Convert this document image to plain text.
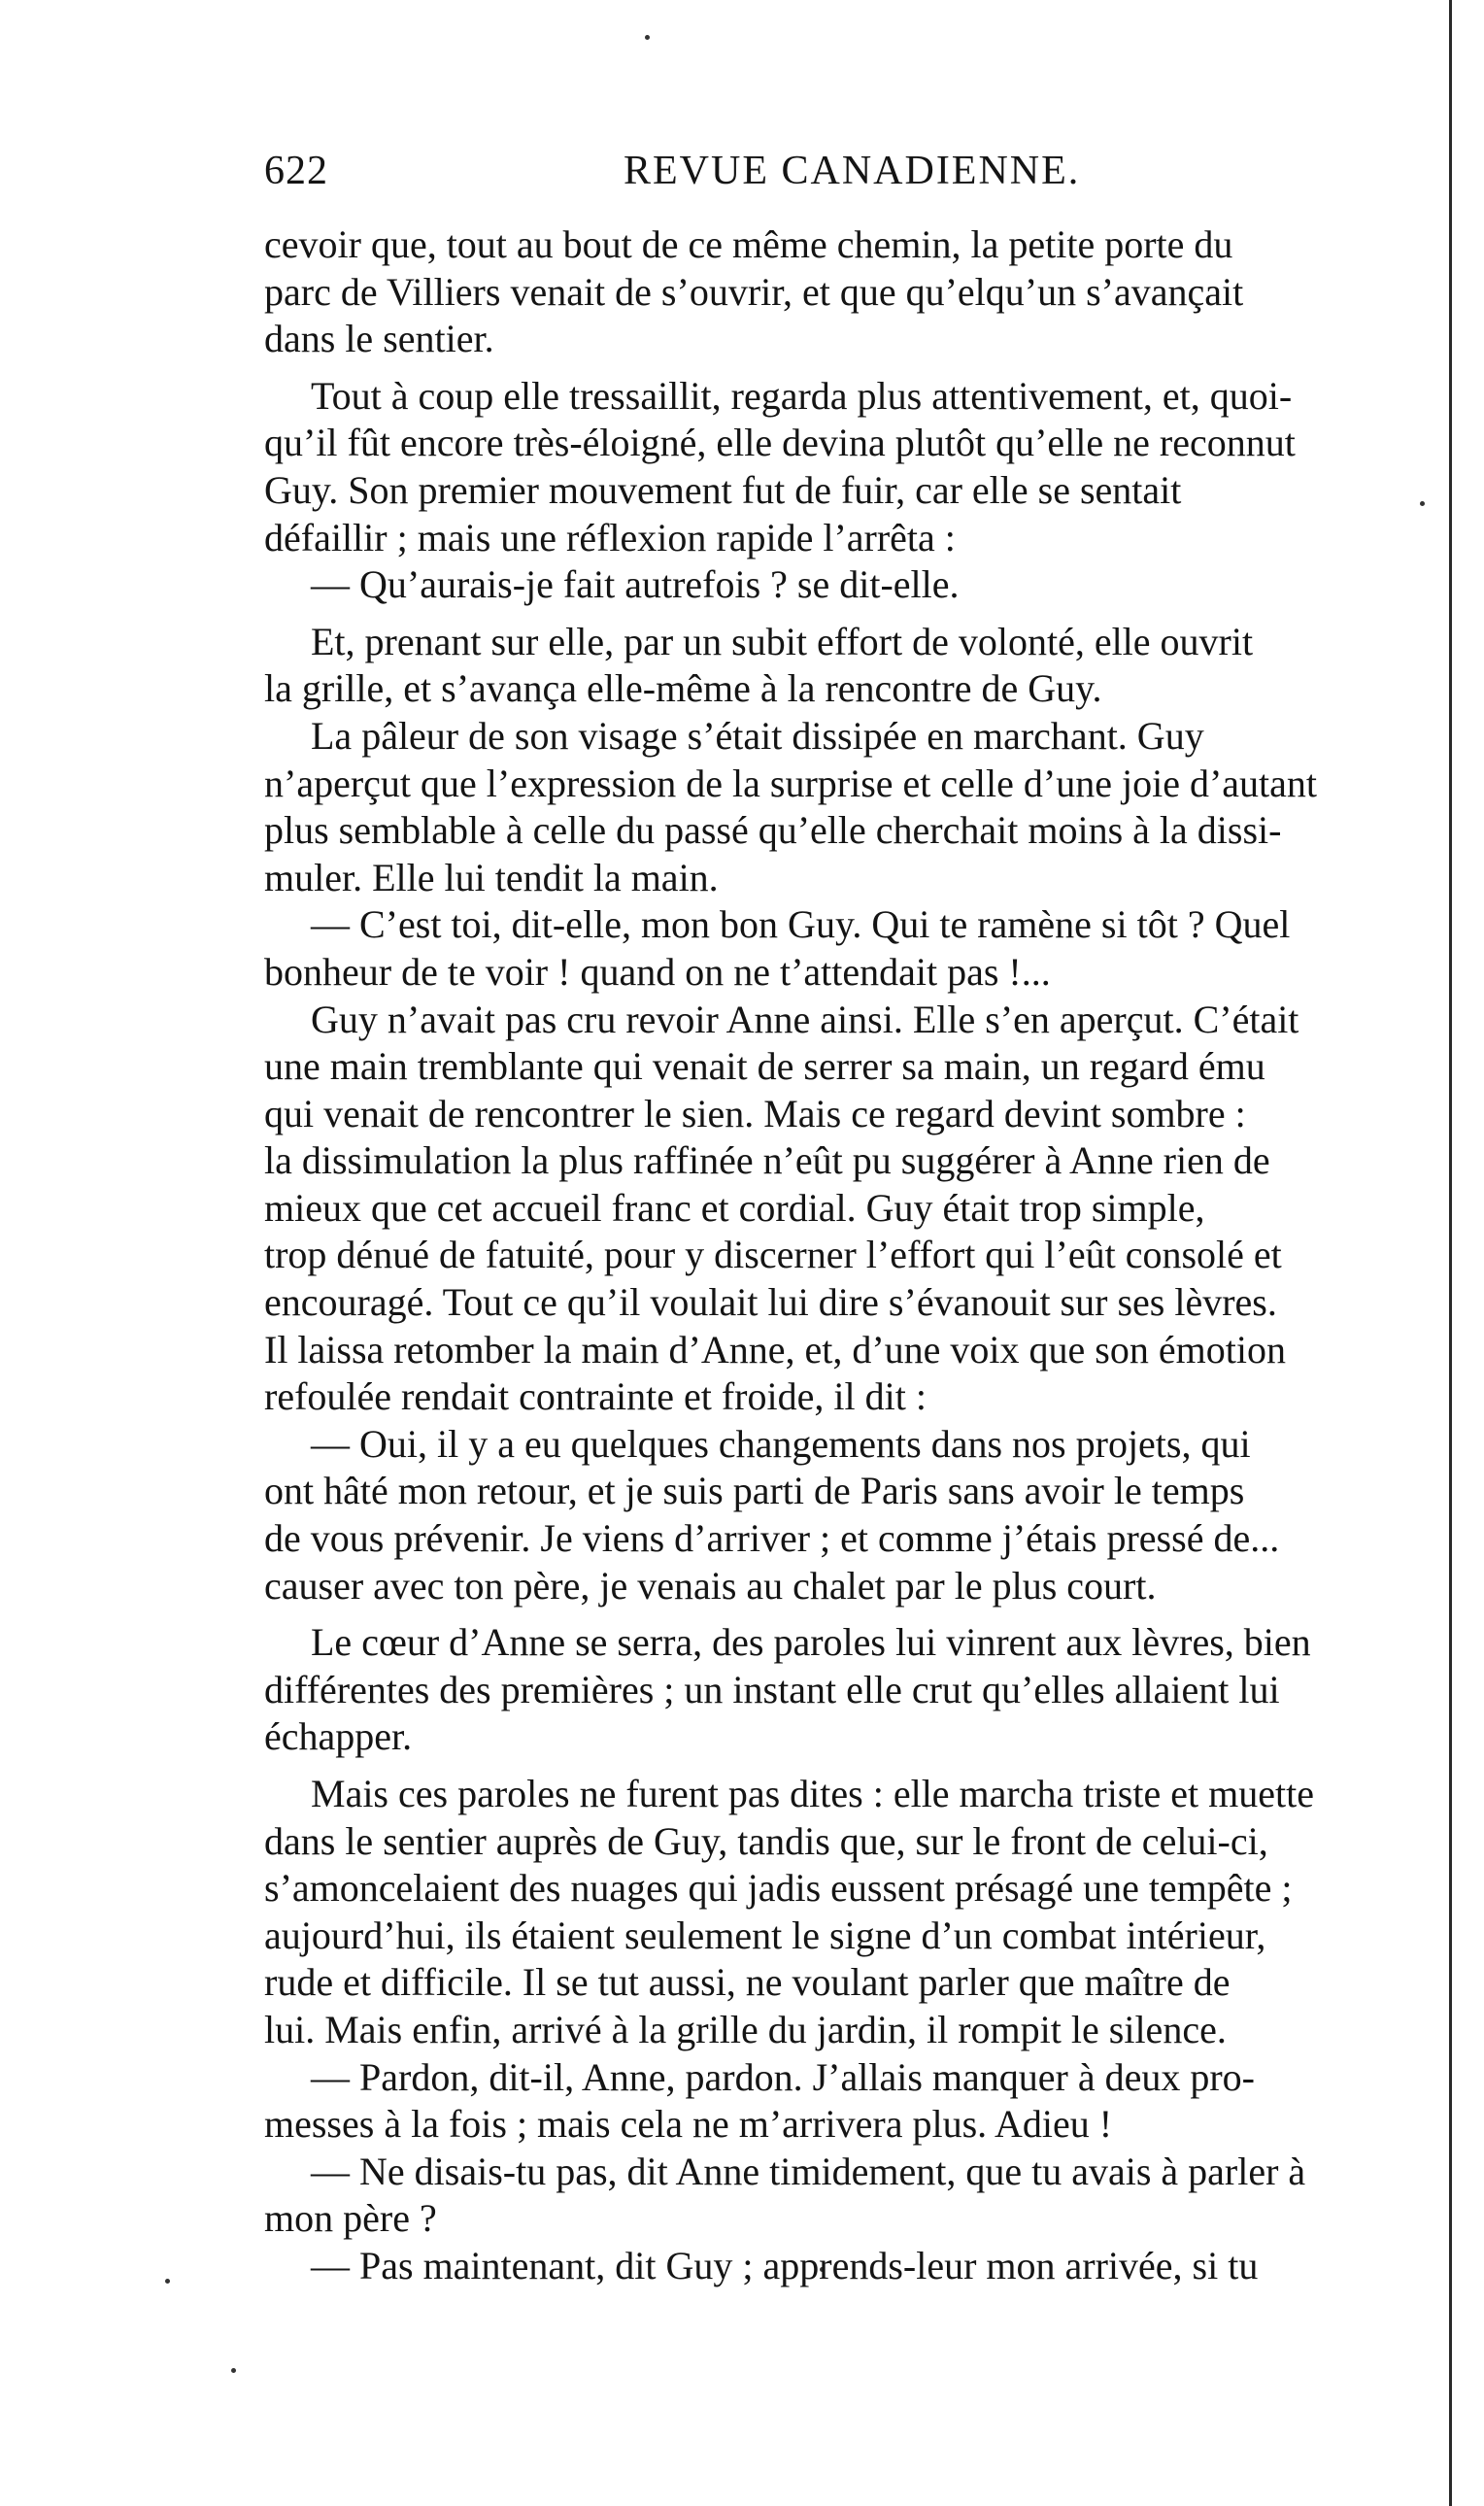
622	REVUE CANADIENNE.
cevoir que, tout au bout de ce même chemin, la petite porte du
parc de Villiers venait de s’ouvrir, et que qu’elqu’un s’avançait
dans le sentier.
Tout à coup elle tressaillit, regarda plus attentivement, et, quoi-
qu’il fût encore très-éloigné, elle devina plutôt qu’elle ne reconnut
Guy. Son premier mouvement fut de fuir, car elle se sentait
défaillir ; mais une réflexion rapide l’arrêta :
— Qu’aurais-je fait autrefois ? se dit-elle.
Et, prenant sur elle, par un subit effort de volonté, elle ouvrit
la grille, et s’avança elle-même à la rencontre de Guy.
La pâleur de son visage s’était dissipée en marchant. Guy
n’aperçut que l’expression de la surprise et celle d’une joie d’autant
plus semblable à celle du passé qu’elle cherchait moins à la dissi-
muler. Elle lui tendit la main.
— C’est toi, dit-elle, mon bon Guy. Qui te ramène si tôt ? Quel
bonheur de te voir ! quand on ne t’attendait pas !...
Guy n’avait pas cru revoir Anne ainsi. Elle s’en aperçut. C’était
une main tremblante qui venait de serrer sa main, un regard ému
qui venait de rencontrer le sien. Mais ce regard devint sombre :
la dissimulation la plus raffinée n’eût pu suggérer à Anne rien de
mieux que cet accueil franc et cordial. Guy était trop simple,
trop dénué de fatuité, pour y discerner l’effort qui l’eût consolé et
encouragé. Tout ce qu’il voulait lui dire s’évanouit sur ses lèvres.
Il laissa retomber la main d’Anne, et, d’une voix que son émotion
refoulée rendait contrainte et froide, il dit :
— Oui, il y a eu quelques changements dans nos projets, qui
ont hâté mon retour, et je suis parti de Paris sans avoir le temps
de vous prévenir. Je viens d’arriver ; et comme j’étais pressé de...
causer avec ton père, je venais au chalet par le plus court.
Le cœur d’Anne se serra, des paroles lui vinrent aux lèvres, bien
différentes des premières ; un instant elle crut qu’elles allaient lui
échapper.
Mais ces paroles ne furent pas dites : elle marcha triste et muette
dans le sentier auprès de Guy, tandis que, sur le front de celui-ci,
s’amoncelaient des nuages qui jadis eussent présagé une tempête ;
aujourd’hui, ils étaient seulement le signe d’un combat intérieur,
rude et difficile. Il se tut aussi, ne voulant parler que maître de
lui. Mais enfin, arrivé à la grille du jardin, il rompit le silence.
— Pardon, dit-il, Anne, pardon. J’allais manquer à deux pro-
messes à la fois ; mais cela ne m’arrivera plus. Adieu !
— Ne disais-tu pas, dit Anne timidement, que tu avais à parler à
mon père ?
— Pas maintenant, dit Guy ; apprends-leur mon arrivée, si tu
